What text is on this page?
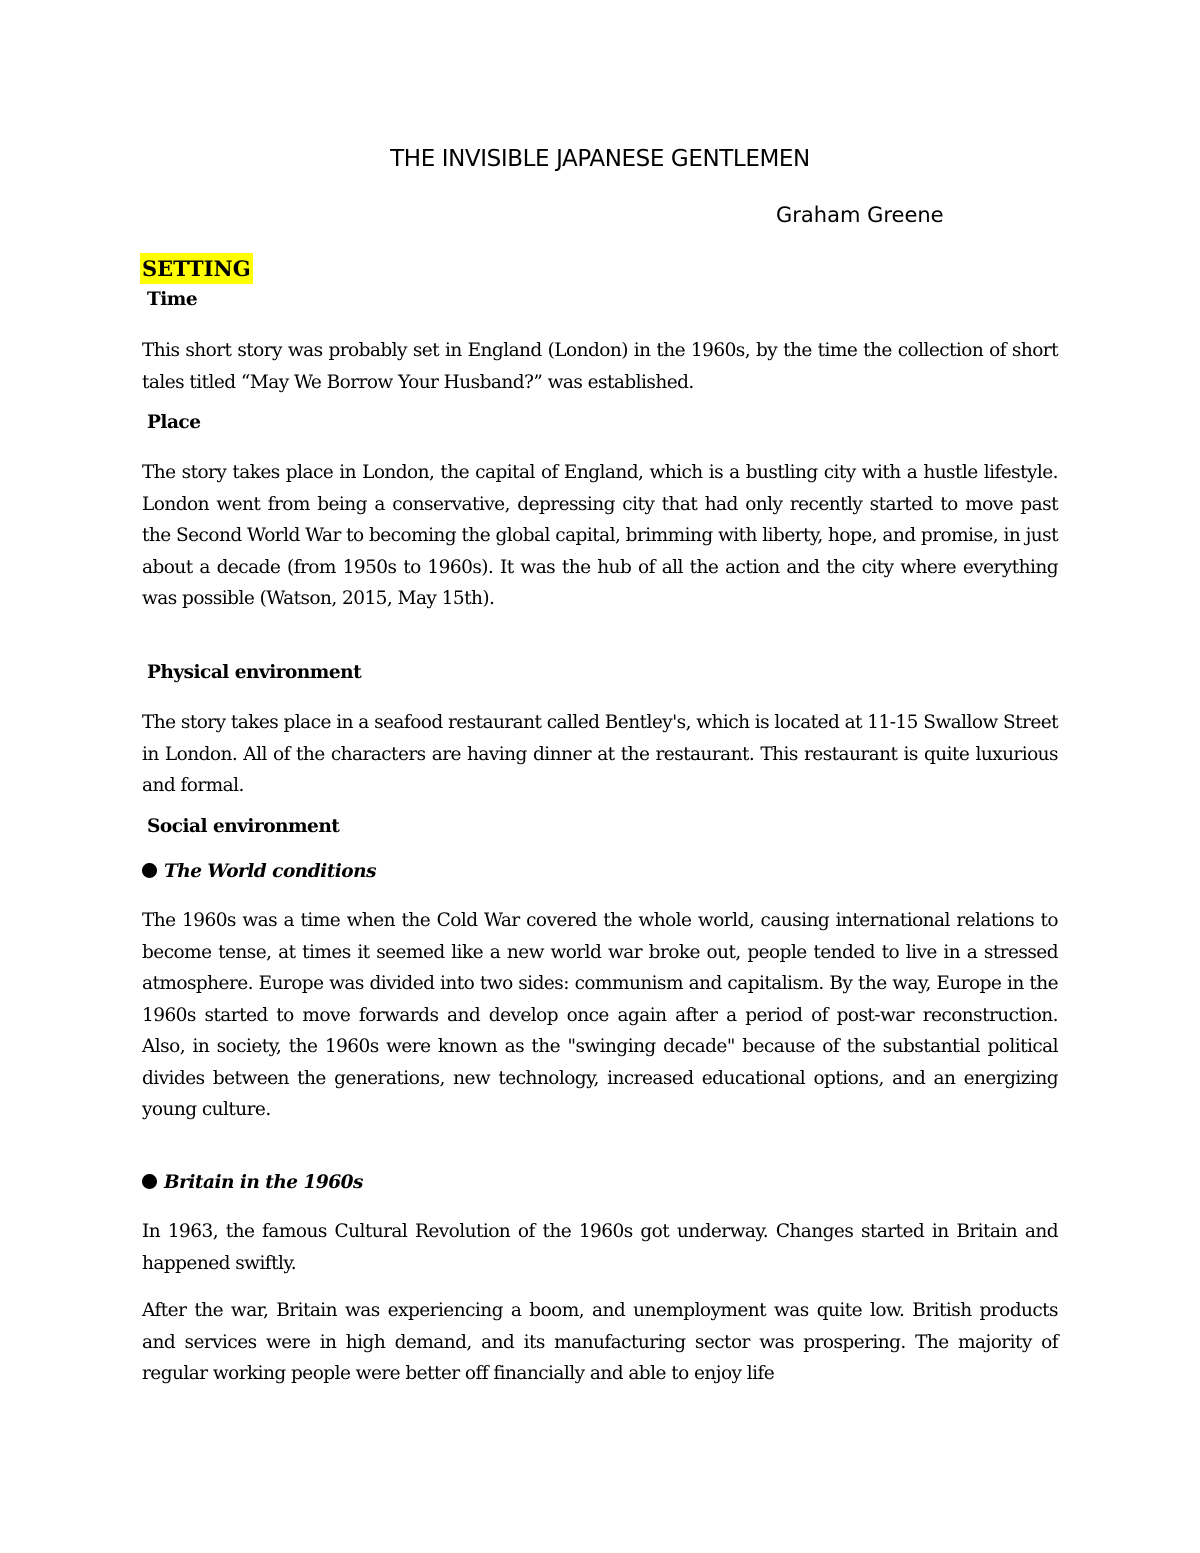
THE INVISIBLE JAPANESE GENTLEMEN
Graham Greene
SETTING
Time
This short story was probably set in England (London) in the 1960s, by the time the collection of short tales titled “May We Borrow Your Husband?” was established.
Place
The story takes place in London, the capital of England, which is a bustling city with a hustle lifestyle. London went from being a conservative, depressing city that had only recently started to move past the Second World War to becoming the global capital, brimming with liberty, hope, and promise, in just about a decade (from 1950s to 1960s). It was the hub of all the action and the city where everything was possible (Watson, 2015, May 15th).
Physical environment
The story takes place in a seafood restaurant called Bentley's, which is located at 11-15 Swallow Street in London. All of the characters are having dinner at the restaurant. This restaurant is quite luxurious and formal.
Social environment
The World conditions
The 1960s was a time when the Cold War covered the whole world, causing international relations to become tense, at times it seemed like a new world war broke out, people tended to live in a stressed atmosphere. Europe was divided into two sides: communism and capitalism. By the way, Europe in the 1960s started to move forwards and develop once again after a period of post-war reconstruction. Also, in society, the 1960s were known as the "swinging decade" because of the substantial political divides between the generations, new technology, increased educational options, and an energizing young culture.
Britain in the 1960s
In 1963, the famous Cultural Revolution of the 1960s got underway. Changes started in Britain and happened swiftly.
After the war, Britain was experiencing a boom, and unemployment was quite low. British products and services were in high demand, and its manufacturing sector was prospering. The majority of regular working people were better off financially and able to enjoy life
